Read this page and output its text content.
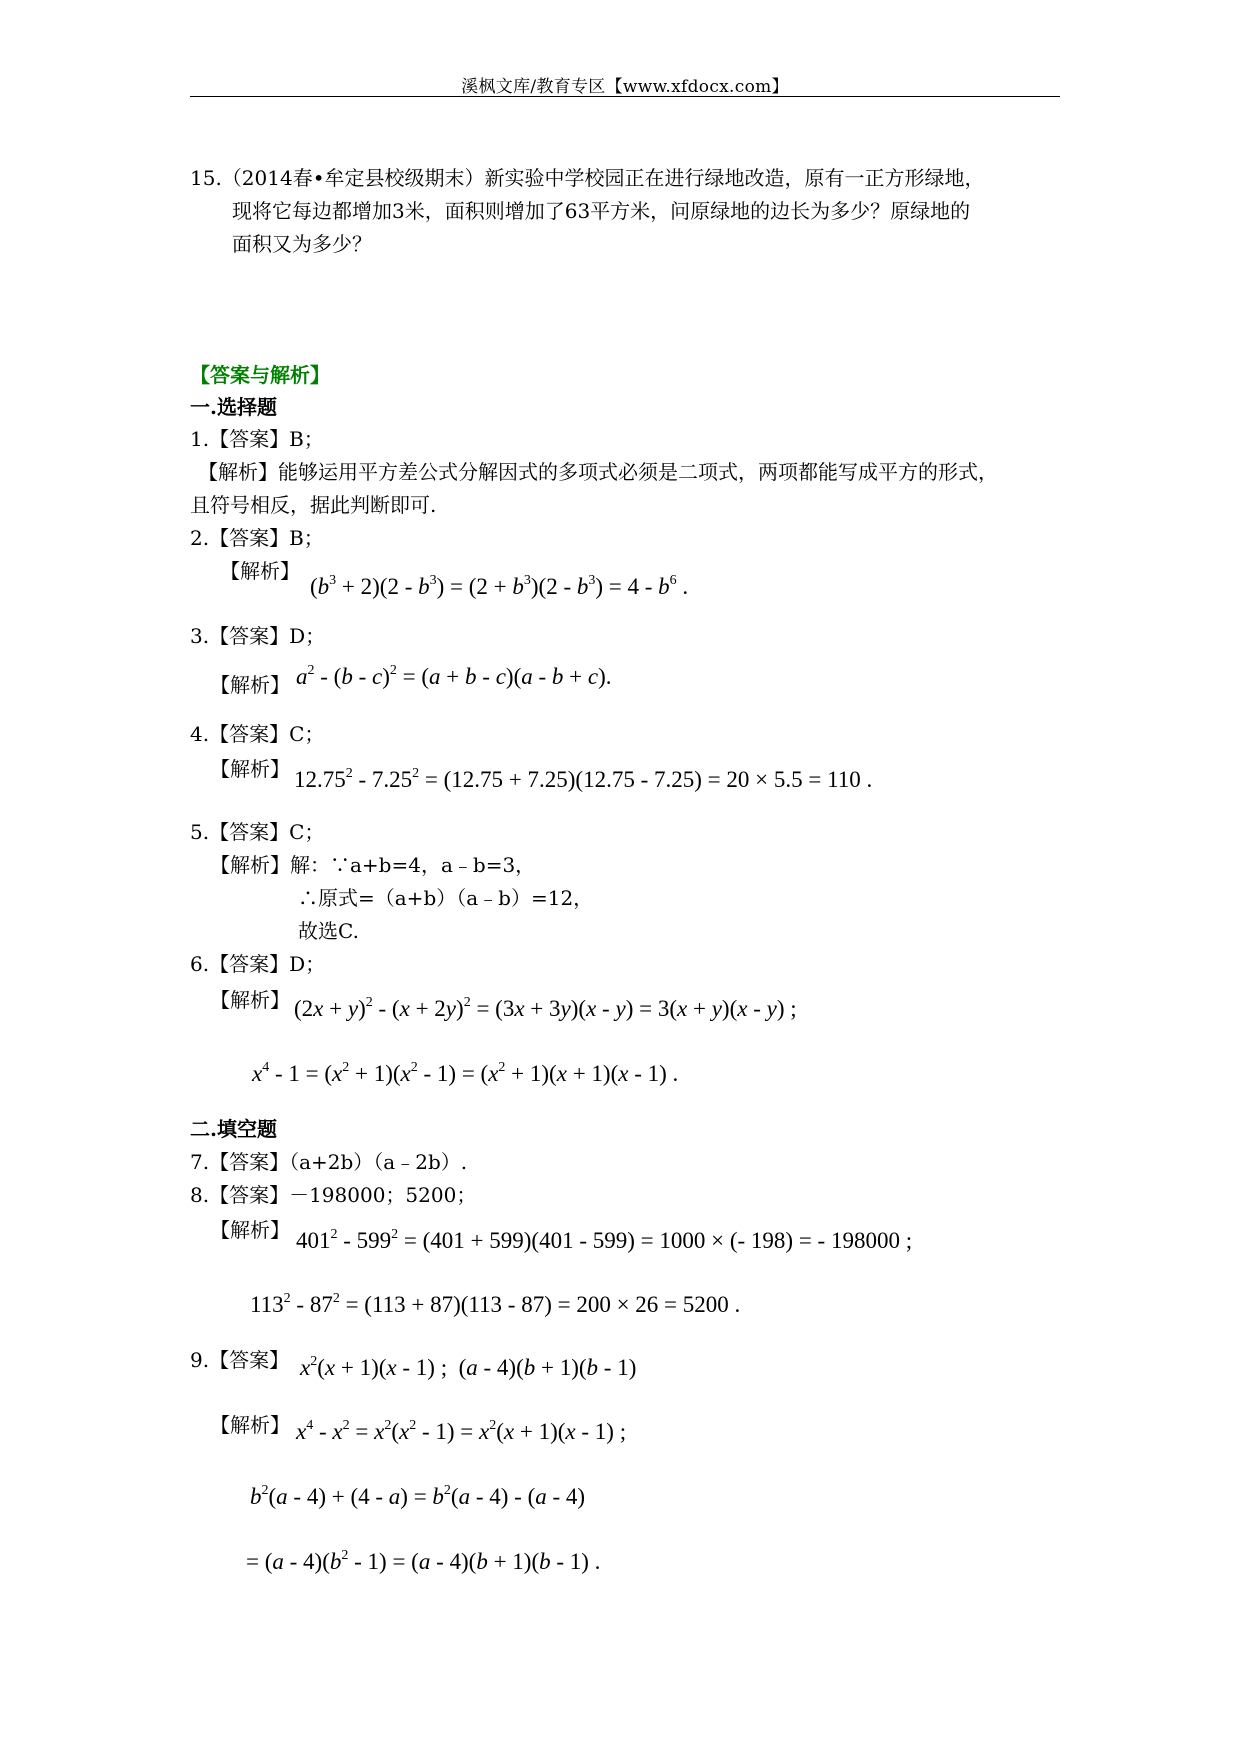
溪枫文库/教育专区【www.xfdocx.com】
15.（2014春•牟定县校级期末）新实验中学校园正在进行绿地改造，原有一正方形绿地，
现将它每边都增加3米，面积则增加了63平方米，问原绿地的边长为多少？原绿地的
面积又为多少？
【答案与解析】
一.选择题
1.【答案】B；
【解析】能够运用平方差公式分解因式的多项式必须是二项式，两项都能写成平方的形式，
且符号相反，据此判断即可.
2.【答案】B；
【解析】
$(b^3 + 2)(2 - b^3) = (2 + b^3)(2 - b^3) = 4 - b^6$ .
3.【答案】D；
【解析】 $a^2 - (b - c)^2 = (a + b - c)(a - b + c)$.
4.【答案】C；
【解析】 $12.75^2 - 7.25^2 = (12.75 + 7.25)(12.75 - 7.25) = 20 \times 5.5 = 110$ .
5.【答案】C；
【解析】解：∵a+b=4，a﹣b=3，
∴原式=（a+b）（a﹣b）=12，
故选C.
6.【答案】D；
【解析】 $(2x + y)^2 - (x + 2y)^2 = (3x + 3y)(x - y) = 3(x + y)(x - y)$ ;
$x^4 - 1 = (x^2 + 1)(x^2 - 1) = (x^2 + 1)(x + 1)(x - 1)$ .
二.填空题
7.【答案】（a+2b）（a﹣2b）.
8.【答案】－198000；5200；
【解析】 $401^2 - 599^2 = (401 + 599)(401 - 599) = 1000$ × (- 198) = - 198000 ;
$113^2 - 87^2 = (113 + 87)(113 - 87) = 200 \times 26 = 5200$ .
9.【答案】 $x^2(x + 1)(x - 1)$ ;  (a - 4)(b + 1)(b - 1)
【解析】 $x^4 - x^2 = x^2(x^2 - 1) = x^2(x + 1)(x - 1)$ ;
$b^2(a - 4) + (4 - a) = b^2(a - 4) - (a - 4)$
= $(a - 4)(b^2 - 1) = (a - 4)(b + 1)(b - 1)$ .
